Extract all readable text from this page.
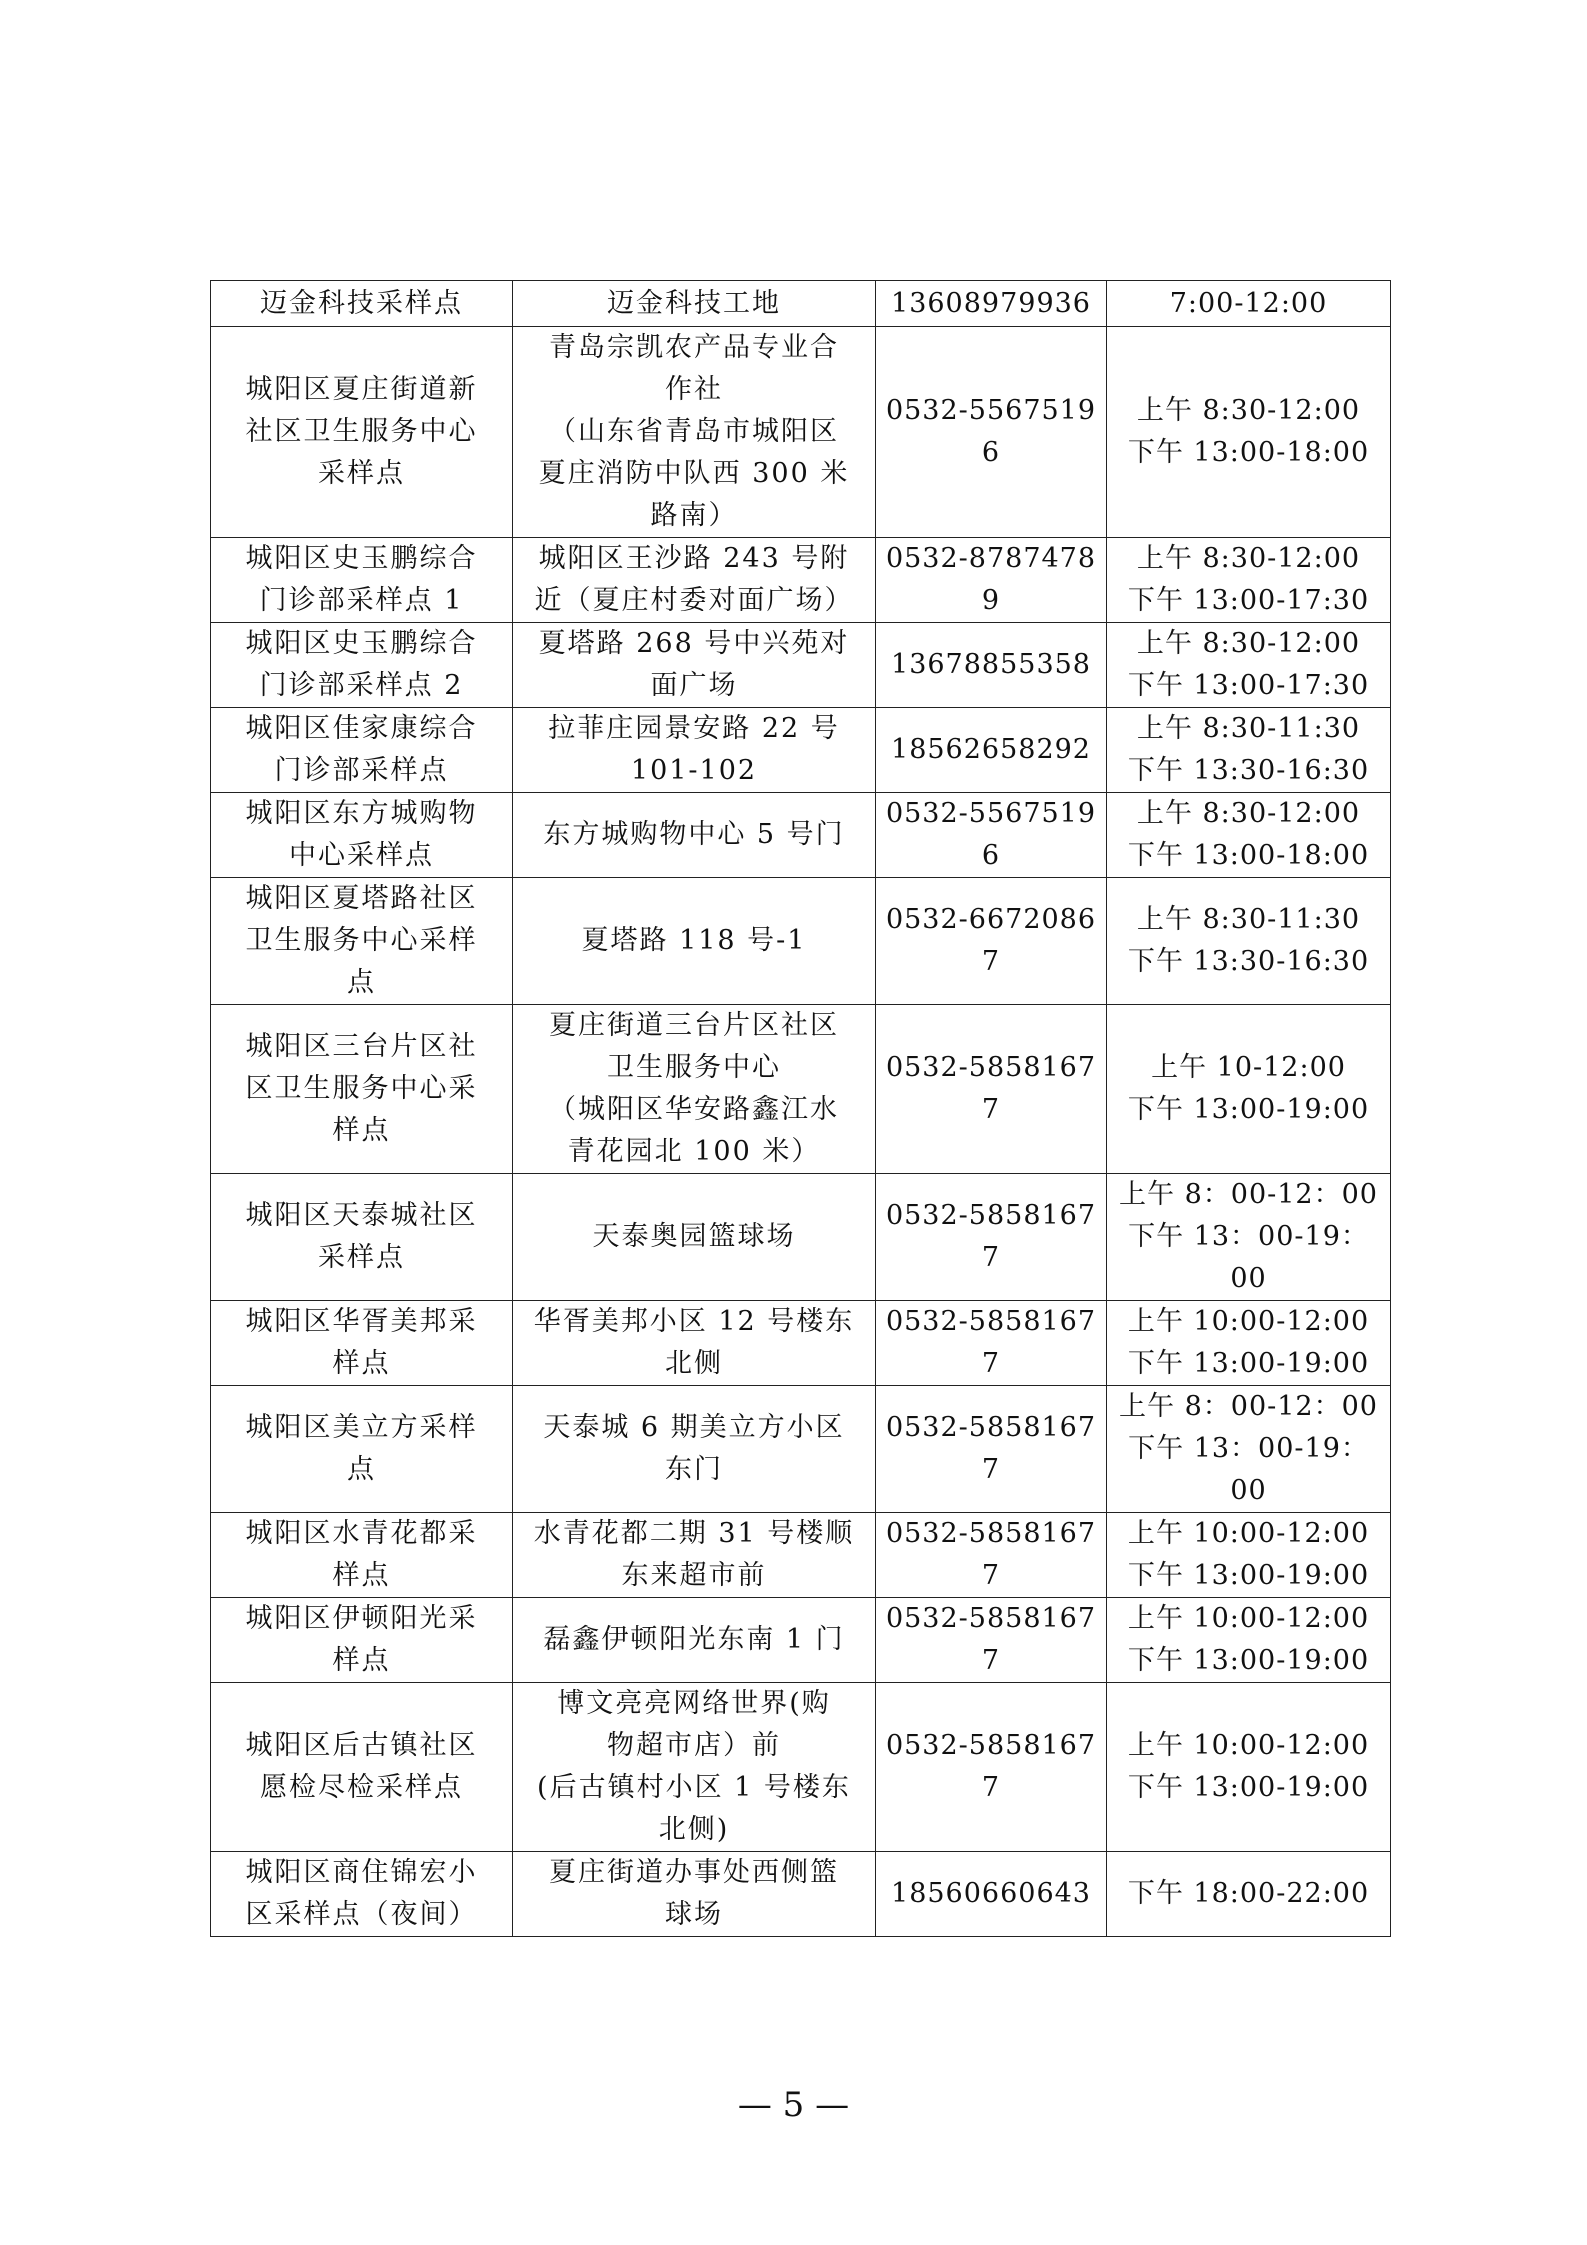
迈金科技采样点	迈金科技工地	13608979936	7:00-12:00

城阳区夏庄街道新
社区卫生服务中心
采样点	青岛宗凯农产品专业合
作社
（山东省青岛市城阳区
夏庄消防中队西 300 米
路南）	0532-5567519
6	上午 8:30-12:00
下午 13:00-18:00

城阳区史玉鹏综合
门诊部采样点 1	城阳区王沙路 243 号附
近（夏庄村委对面广场）	0532-8787478
9	上午 8:30-12:00
下午 13:00-17:30

城阳区史玉鹏综合
门诊部采样点 2	夏塔路 268 号中兴苑对
面广场	13678855358	上午 8:30-12:00
下午 13:00-17:30

城阳区佳家康综合
门诊部采样点	拉菲庄园景安路 22 号
101-102	18562658292	上午 8:30-11:30
下午 13:30-16:30

城阳区东方城购物
中心采样点	东方城购物中心 5 号门	0532-5567519
6	上午 8:30-12:00
下午 13:00-18:00

城阳区夏塔路社区
卫生服务中心采样
点	夏塔路 118 号-1	0532-6672086
7	上午 8:30-11:30
下午 13:30-16:30

城阳区三台片区社
区卫生服务中心采
样点	夏庄街道三台片区社区
卫生服务中心
（城阳区华安路鑫江水
青花园北 100 米）	0532-5858167
7	上午 10-12:00
下午 13:00-19:00

城阳区天泰城社区
采样点	天泰奥园篮球场	0532-5858167
7	上午 8：00-12：00
下午 13：00-19：
00

城阳区华胥美邦采
样点	华胥美邦小区 12 号楼东
北侧	0532-5858167
7	上午 10:00-12:00
下午 13:00-19:00

城阳区美立方采样
点	天泰城 6 期美立方小区
东门	0532-5858167
7	上午 8：00-12：00
下午 13：00-19：
00

城阳区水青花都采
样点	水青花都二期 31 号楼顺
东来超市前	0532-5858167
7	上午 10:00-12:00
下午 13:00-19:00

城阳区伊顿阳光采
样点	磊鑫伊顿阳光东南 1 门	0532-5858167
7	上午 10:00-12:00
下午 13:00-19:00

城阳区后古镇社区
愿检尽检采样点	博文亮亮网络世界(购
物超市店）前
(后古镇村小区 1 号楼东
北侧)	0532-5858167
7	上午 10:00-12:00
下午 13:00-19:00

城阳区商住锦宏小
区采样点（夜间）	夏庄街道办事处西侧篮
球场	18560660643	下午 18:00-22:00
— 5 —
